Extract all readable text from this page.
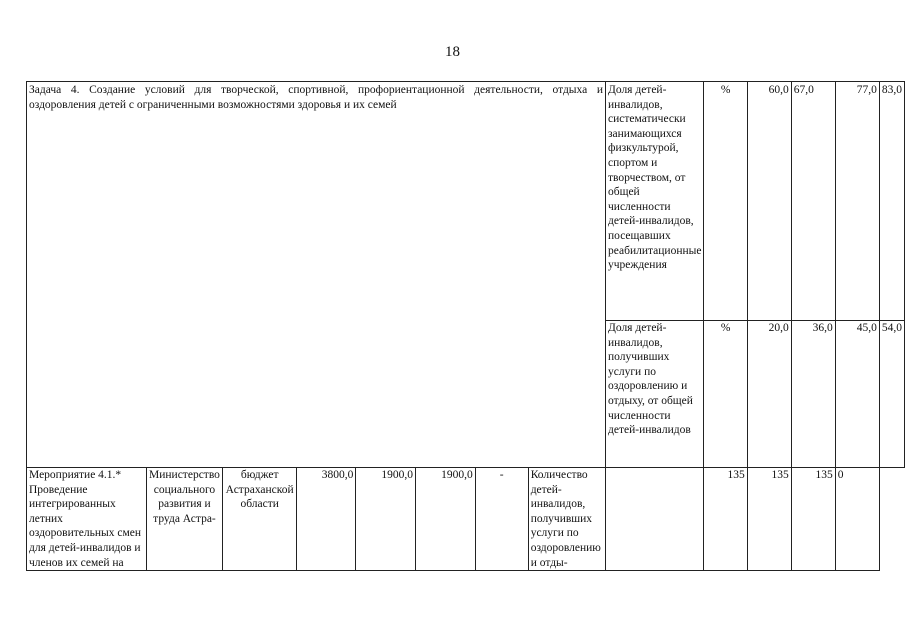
18
Задача 4. Создание условий для творческой, спортивной, профориентационной деятельности, отдыха и оздоровления детей с ограниченными возможностями здоровья и их семей								Доля детей-инвалидов, систематически занимающихся физкультурой, спортом и творчеством, от общей численности детей-инвалидов, посещавших реабилитационные учреждения	%	60,0	67,0	77,0	83,0
								Доля детей-инвалидов, получивших услуги по оздоровлению и отдыху, от общей численности детей-инвалидов	%	20,0	36,0	45,0	54,0
Мероприятие 4.1.* Проведение интегрированных летних оздоровительных смен для детей-инвалидов и членов их семей на	Министерство социального развития и труда Астра-	бюджет Астраханской области	3800,0	1900,0	1900,0	-	Количество детей-инвалидов, получивших услуги по оздоровлению и отды-		135	135	135	0	
